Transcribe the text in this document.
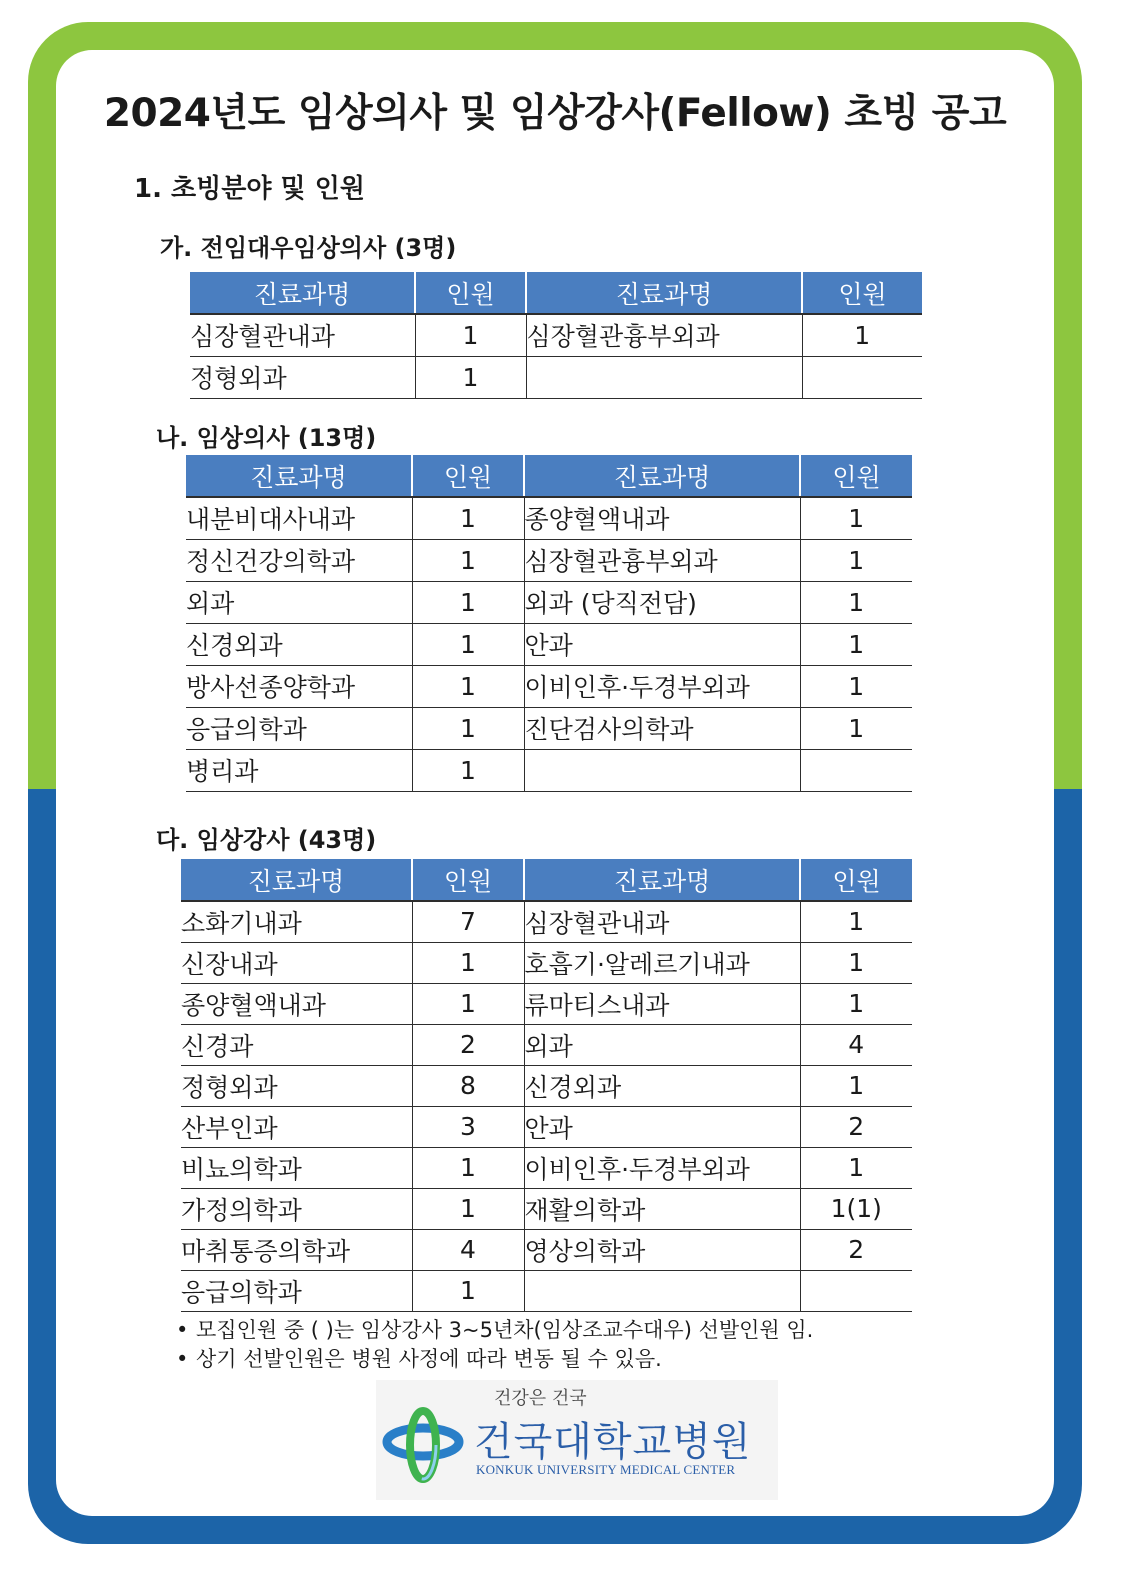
2024년도 임상의사 및 임상강사(Fellow) 초빙 공고
1. 초빙분야 및 인원
가. 전임대우임상의사 (3명)
진료과명	인원	진료과명	인원
심장혈관내과	1	심장혈관흉부외과	1
정형외과	1		
나. 임상의사 (13명)
진료과명	인원	진료과명	인원
내분비대사내과	1	종양혈액내과	1
정신건강의학과	1	심장혈관흉부외과	1
외과	1	외과 (당직전담)	1
신경외과	1	안과	1
방사선종양학과	1	이비인후·두경부외과	1
응급의학과	1	진단검사의학과	1
병리과	1		
다. 임상강사 (43명)
진료과명	인원	진료과명	인원
소화기내과	7	심장혈관내과	1
신장내과	1	호흡기·알레르기내과	1
종양혈액내과	1	류마티스내과	1
신경과	2	외과	4
정형외과	8	신경외과	1
산부인과	3	안과	2
비뇨의학과	1	이비인후·두경부외과	1
가정의학과	1	재활의학과	1(1)
마취통증의학과	4	영상의학과	2
응급의학과	1		
• 모집인원 중 ( )는 임상강사 3~5년차(임상조교수대우) 선발인원 임.
• 상기 선발인원은 병원 사정에 따라 변동 될 수 있음.
건강은 건국
건국대학교병원
KONKUK UNIVERSITY MEDICAL CENTER
